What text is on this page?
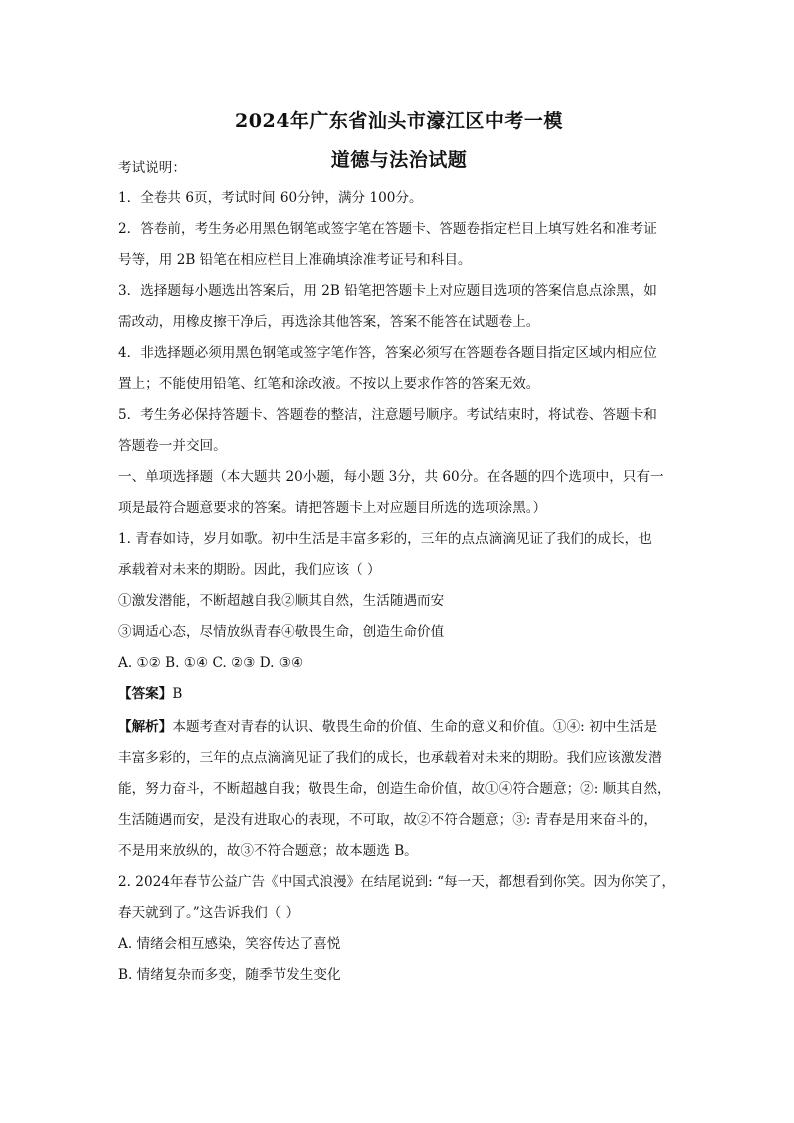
2024年广东省汕头市濠江区中考一模
道德与法治试题
考试说明：
1．全卷共 6页，考试时间 60分钟，满分 100分。
2．答卷前，考生务必用黑色钢笔或签字笔在答题卡、答题卷指定栏目上填写姓名和准考证
号等，用 2B 铅笔在相应栏目上准确填涂准考证号和科目。
3．选择题每小题选出答案后，用 2B 铅笔把答题卡上对应题目选项的答案信息点涂黑，如
需改动，用橡皮擦干净后，再选涂其他答案，答案不能答在试题卷上。
4．非选择题必须用黑色钢笔或签字笔作答，答案必须写在答题卷各题目指定区域内相应位
置上；不能使用铅笔、红笔和涂改液。不按以上要求作答的答案无效。
5．考生务必保持答题卡、答题卷的整洁，注意题号顺序。考试结束时，将试卷、答题卡和
答题卷一并交回。
一、单项选择题（本大题共 20小题，每小题 3分，共 60分。在各题的四个选项中，只有一
项是最符合题意要求的答案。请把答题卡上对应题目所选的选项涂黑。）
1. 青春如诗，岁月如歌。初中生活是丰富多彩的，三年的点点滴滴见证了我们的成长，也
承载着对未来的期盼。因此，我们应该（ ）
①激发潜能，不断超越自我②顺其自然，生活随遇而安
③调适心态，尽情放纵青春④敬畏生命，创造生命价值
A. ①② B. ①④ C. ②③ D. ③④
【答案】B
【解析】本题考查对青春的认识、敬畏生命的价值、生命的意义和价值。①④: 初中生活是
丰富多彩的，三年的点点滴滴见证了我们的成长，也承载着对未来的期盼。我们应该激发潜
能，努力奋斗，不断超越自我；敬畏生命，创造生命价值，故①④符合题意；②: 顺其自然，
生活随遇而安，是没有进取心的表现，不可取，故②不符合题意；③: 青春是用来奋斗的，
不是用来放纵的，故③不符合题意；故本题选 B。
2. 2024年春节公益广告《中国式浪漫》在结尾说到: “每一天，都想看到你笑。因为你笑了，
春天就到了。”这告诉我们（ ）
A. 情绪会相互感染，笑容传达了喜悦
B. 情绪复杂而多变，随季节发生变化
